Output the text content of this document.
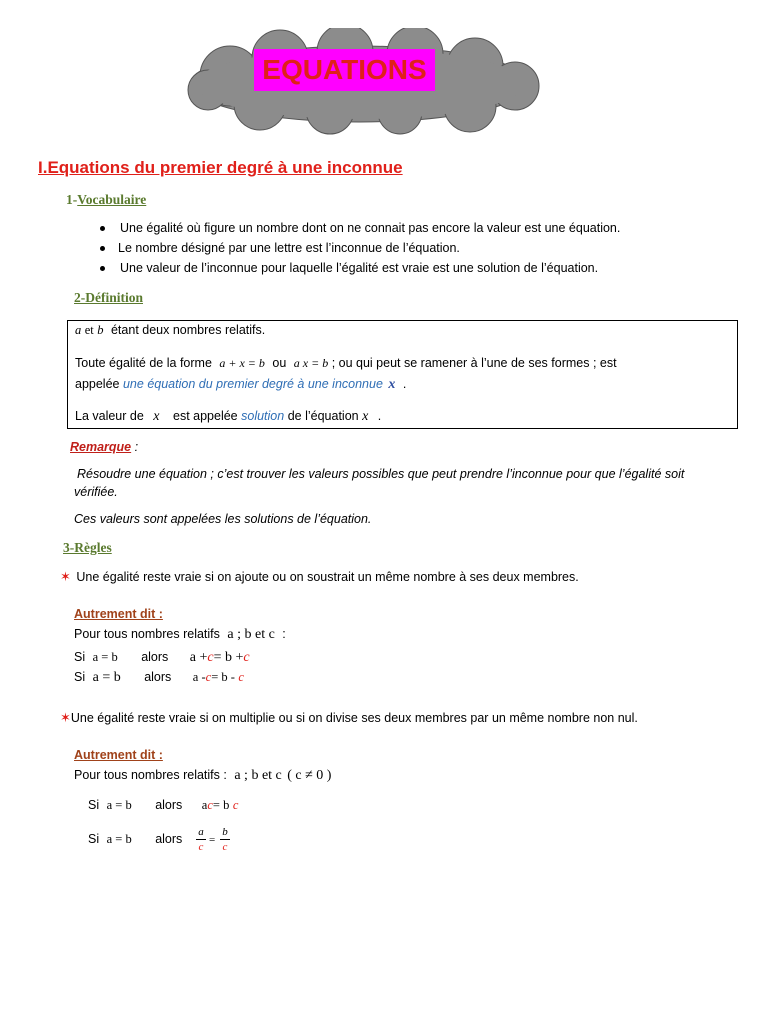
EQUATIONS
I.Equations du premier degré à une inconnue
1-Vocabulaire
Une égalité où figure un nombre dont on ne connait pas encore la valeur est une équation.
Le nombre désigné par une lettre est l’inconnue de l’équation.
Une valeur de l’inconnue pour laquelle l’égalité est vraie est une solution de l’équation.
2-Définition
a et b étant deux nombres relatifs.
Toute égalité de la forme a + x = b ou a x = b ; ou qui peut se ramener à l’une de ses formes ; est
appelée une équation du premier degré à une inconnue x .
La valeur de x est appelée solution de l’équation x .
Remarque :
Résoudre une équation ; c’est trouver les valeurs possibles que peut prendre l’inconnue pour que l’égalité soit
vérifiée.
Ces valeurs sont appelées les solutions de l’équation.
3-Règles
✶ Une égalité reste vraie si on ajoute ou on soustrait un même nombre à ses deux membres.
Autrement dit :
Pour tous nombres relatifs a ; b et c :
Si a = b alors a +c= b +c
Si a = b alors a -c= b - c
✶Une égalité reste vraie si on multiplie ou si on divise ses deux membres par un même nombre non nul.
Autrement dit :
Pour tous nombres relatifs : a ; b et c ( c ≠ 0 )
Si a = b alors ac= b c
Si a = b alors a
c
=
b
c
